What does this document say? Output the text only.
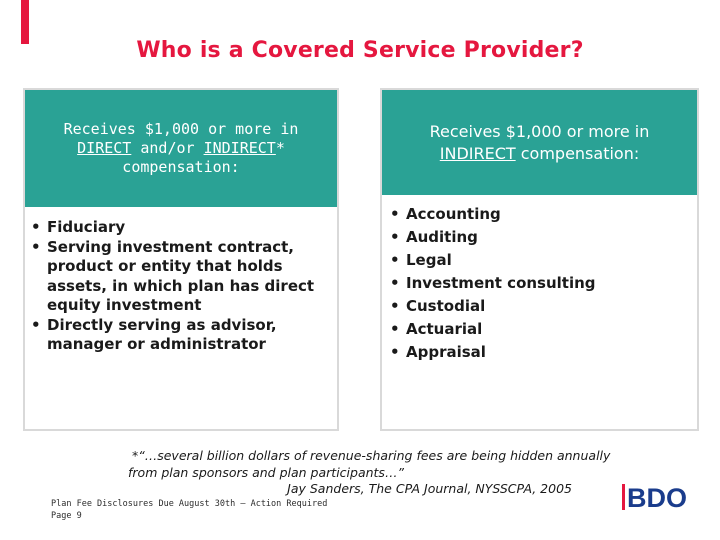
Who is a Covered Service Provider?
Receives $1,000 or more in DIRECT and/or INDIRECT* compensation:
• Fiduciary
• Serving investment contract, product or entity that holds assets, in which plan has direct equity investment
• Directly serving as advisor, manager or administrator
Receives $1,000 or more in INDIRECT compensation:
• Accounting
• Auditing
• Legal
• Investment consulting
• Custodial
• Actuarial
• Appraisal
*“…several billion dollars of revenue-sharing fees are being hidden annually
from plan sponsors and plan participants…”
Jay Sanders, The CPA Journal, NYSSCPA, 2005
Plan Fee Disclosures Due August 30th – Action Required
Page 9
BDO
